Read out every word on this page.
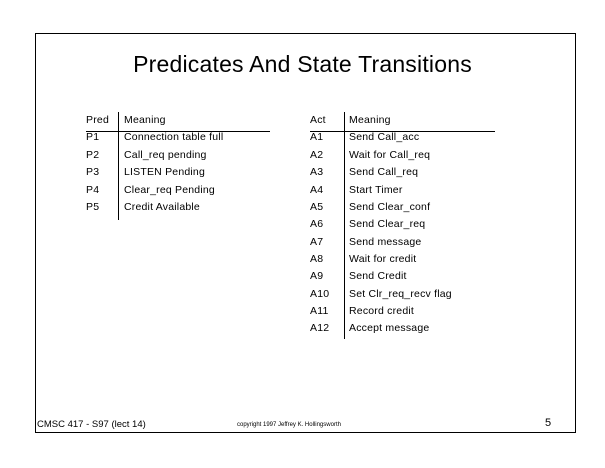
Predicates And State Transitions
Pred Meaning
P1 Connection table full
P2 Call_req pending
P3 LISTEN Pending
P4 Clear_req Pending
P5 Credit Available
Act Meaning
A1 Send Call_acc
A2 Wait for Call_req
A3 Send Call_req
A4 Start Timer
A5 Send Clear_conf
A6 Send Clear_req
A7 Send message
A8 Wait for credit
A9 Send Credit
A10 Set Clr_req_recv flag
A11 Record credit
A12 Accept message
CMSC 417 - S97 (lect 14)	copyright 1997 Jeffrey K. Hollingsworth	5
